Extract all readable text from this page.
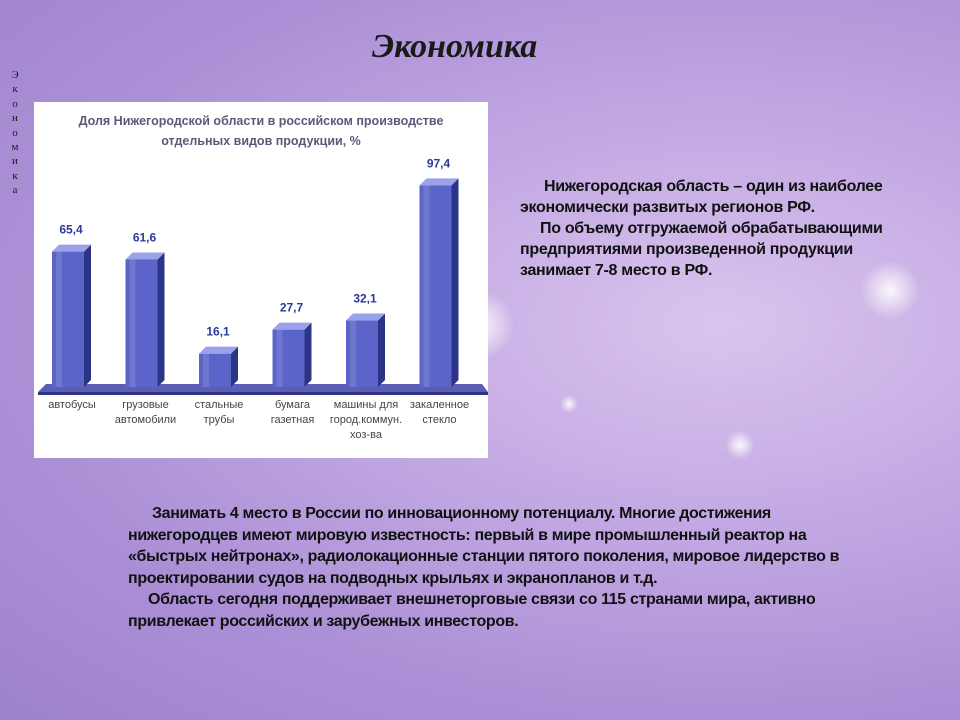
Экономика
Э
к
о
н
о
м
и
к
а
Доля Нижегородской области в российском производстве
отдельных видов продукции, %
65,4
автобусы
61,6
грузовые
автомобили
16,1
стальные
трубы
27,7
бумага
газетная
32,1
машины для
город.коммун.
хоз-ва
97,4
закаленное
стекло
Нижегородская область – один из наиболее экономически развитых регионов РФ.
По объему отгружаемой обрабатывающими предприятиями произведенной продукции занимает 7-8 место в РФ.
Занимать 4 место в России по инновационному потенциалу. Многие достижения нижегородцев имеют мировую известность: первый в мире промышленный реактор на «быстрых нейтронах», радиолокационные станции пятого поколения, мировое лидерство в проектировании судов на подводных крыльях и экранопланов и т.д.
Область сегодня поддерживает внешнеторговые связи со 115 странами мира, активно привлекает российских и зарубежных инвесторов.
